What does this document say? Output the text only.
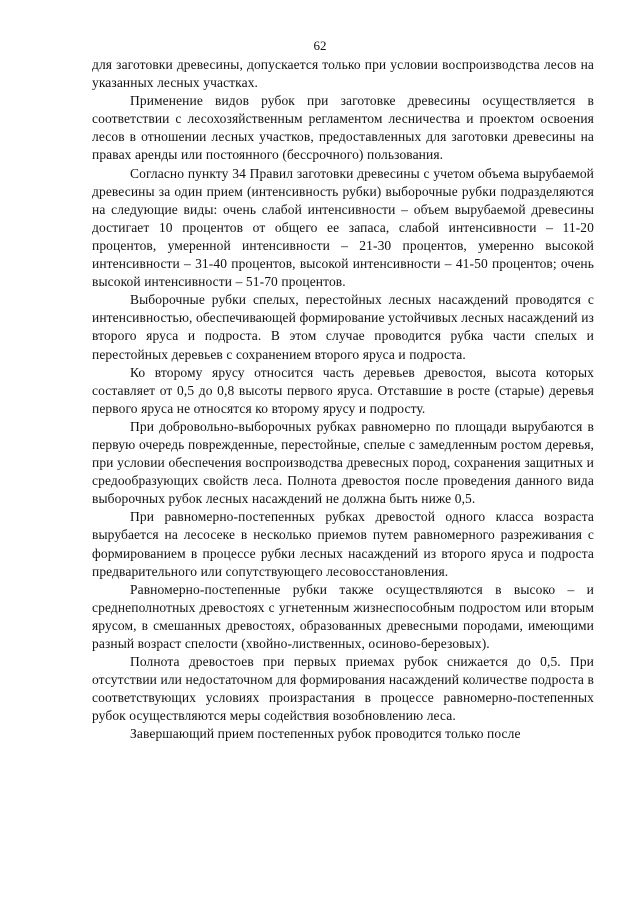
62

для заготовки древесины, допускается только при условии воспроизводства лесов на указанных лесных участках.

Применение видов рубок при заготовке древесины осуществляется в соответствии с лесохозяйственным регламентом лесничества и проектом освоения лесов в отношении лесных участков, предоставленных для заготовки древесины на правах аренды или постоянного (бессрочного) пользования.

Согласно пункту 34 Правил заготовки древесины с учетом объема вырубаемой древесины за один прием (интенсивность рубки) выборочные рубки подразделяются на следующие виды: очень слабой интенсивности – объем вырубаемой древесины достигает 10 процентов от общего ее запаса, слабой интенсивности – 11-20 процентов, умеренной интенсивности – 21-30 процентов, умеренно высокой интенсивности – 31-40 процентов, высокой интенсивности – 41-50 процентов; очень высокой интенсивности – 51-70 процентов.

Выборочные рубки спелых, перестойных лесных насаждений проводятся с интенсивностью, обеспечивающей формирование устойчивых лесных насаждений из второго яруса и подроста. В этом случае проводится рубка части спелых и перестойных деревьев с сохранением второго яруса и подроста.

Ко второму ярусу относится часть деревьев древостоя, высота которых составляет от 0,5 до 0,8 высоты первого яруса. Отставшие в росте (старые) деревья первого яруса не относятся ко второму ярусу и подросту.

При добровольно-выборочных рубках равномерно по площади вырубаются в первую очередь поврежденные, перестойные, спелые с замедленным ростом деревья, при условии обеспечения воспроизводства древесных пород, сохранения защитных и средообразующих свойств леса. Полнота древостоя после проведения данного вида выборочных рубок лесных насаждений не должна быть ниже 0,5.

При равномерно-постепенных рубках древостой одного класса возраста вырубается на лесосеке в несколько приемов путем равномерного разреживания с формированием в процессе рубки лесных насаждений из второго яруса и подроста предварительного или сопутствующего лесовосстановления.

Равномерно-постепенные рубки также осуществляются в высоко – и среднеполнотных древостоях с угнетенным жизнеспособным подростом или вторым ярусом, в смешанных древостоях, образованных древесными породами, имеющими разный возраст спелости (хвойно-лиственных, осиново-березовых).

Полнота древостоев при первых приемах рубок снижается до 0,5. При отсутствии или недостаточном для формирования насаждений количестве подроста в соответствующих условиях произрастания в процессе равномерно-постепенных рубок осуществляются меры содействия возобновлению леса.

Завершающий прием постепенных рубок проводится только после
